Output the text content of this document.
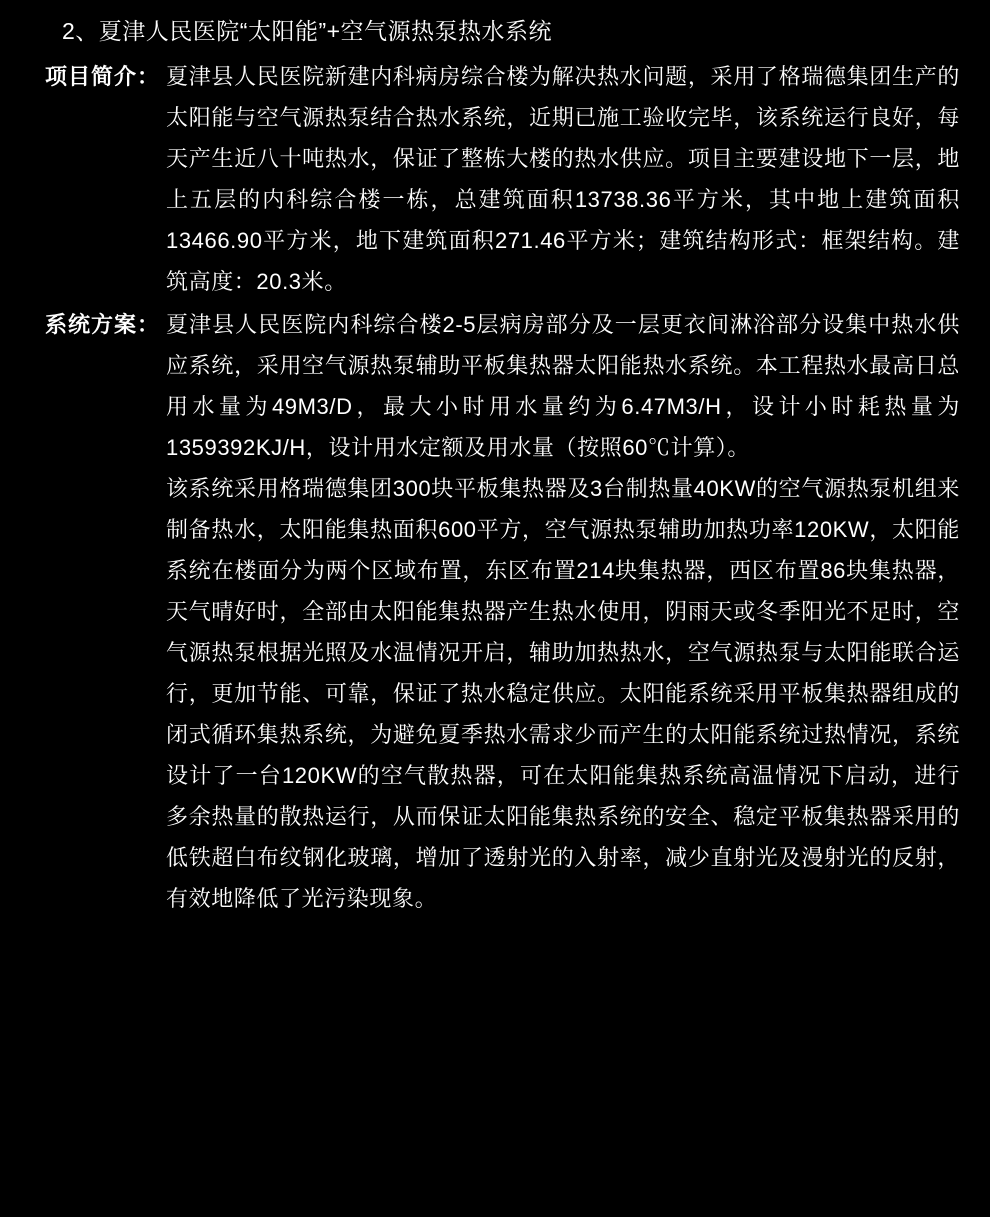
2、夏津人民医院“太阳能”+空气源热泵热水系统
项目简介： 夏津县人民医院新建内科病房综合楼为解决热水问题，采用了格瑞德集团生产的太阳能与空气源热泵结合热水系统，近期已施工验收完毕，该系统运行良好，每天产生近八十吨热水，保证了整栋大楼的热水供应。项目主要建设地下一层，地上五层的内科综合楼一栋，总建筑面积13738.36平方米，其中地上建筑面积13466.90平方米，地下建筑面积271.46平方米；建筑结构形式：框架结构。建筑高度：20.3米。

系统方案： 夏津县人民医院内科综合楼2-5层病房部分及一层更衣间淋浴部分设集中热水供应系统，采用空气源热泵辅助平板集热器太阳能热水系统。本工程热水最高日总用水量为49M3/D，最大小时用水量约为6.47M3/H，设计小时耗热量为1359392KJ/H，设计用水定额及用水量（按照60℃计算）。

该系统采用格瑞德集团300块平板集热器及3台制热量40KW的空气源热泵机组来制备热水，太阳能集热面积600平方，空气源热泵辅助加热功率120KW，太阳能系统在楼面分为两个区域布置，东区布置214块集热器，西区布置86块集热器，天气晴好时，全部由太阳能集热器产生热水使用，阴雨天或冬季阳光不足时，空气源热泵根据光照及水温情况开启，辅助加热热水，空气源热泵与太阳能联合运行，更加节能、可靠，保证了热水稳定供应。太阳能系统采用平板集热器组成的闭式循环集热系统，为避免夏季热水需求少而产生的太阳能系统过热情况，系统设计了一台120KW的空气散热器，可在太阳能集热系统高温情况下启动，进行多余热量的散热运行，从而保证太阳能集热系统的安全、稳定平板集热器采用的低铁超白布纹钢化玻璃，增加了透射光的入射率，减少直射光及漫射光的反射，有效地降低了光污染现象。
